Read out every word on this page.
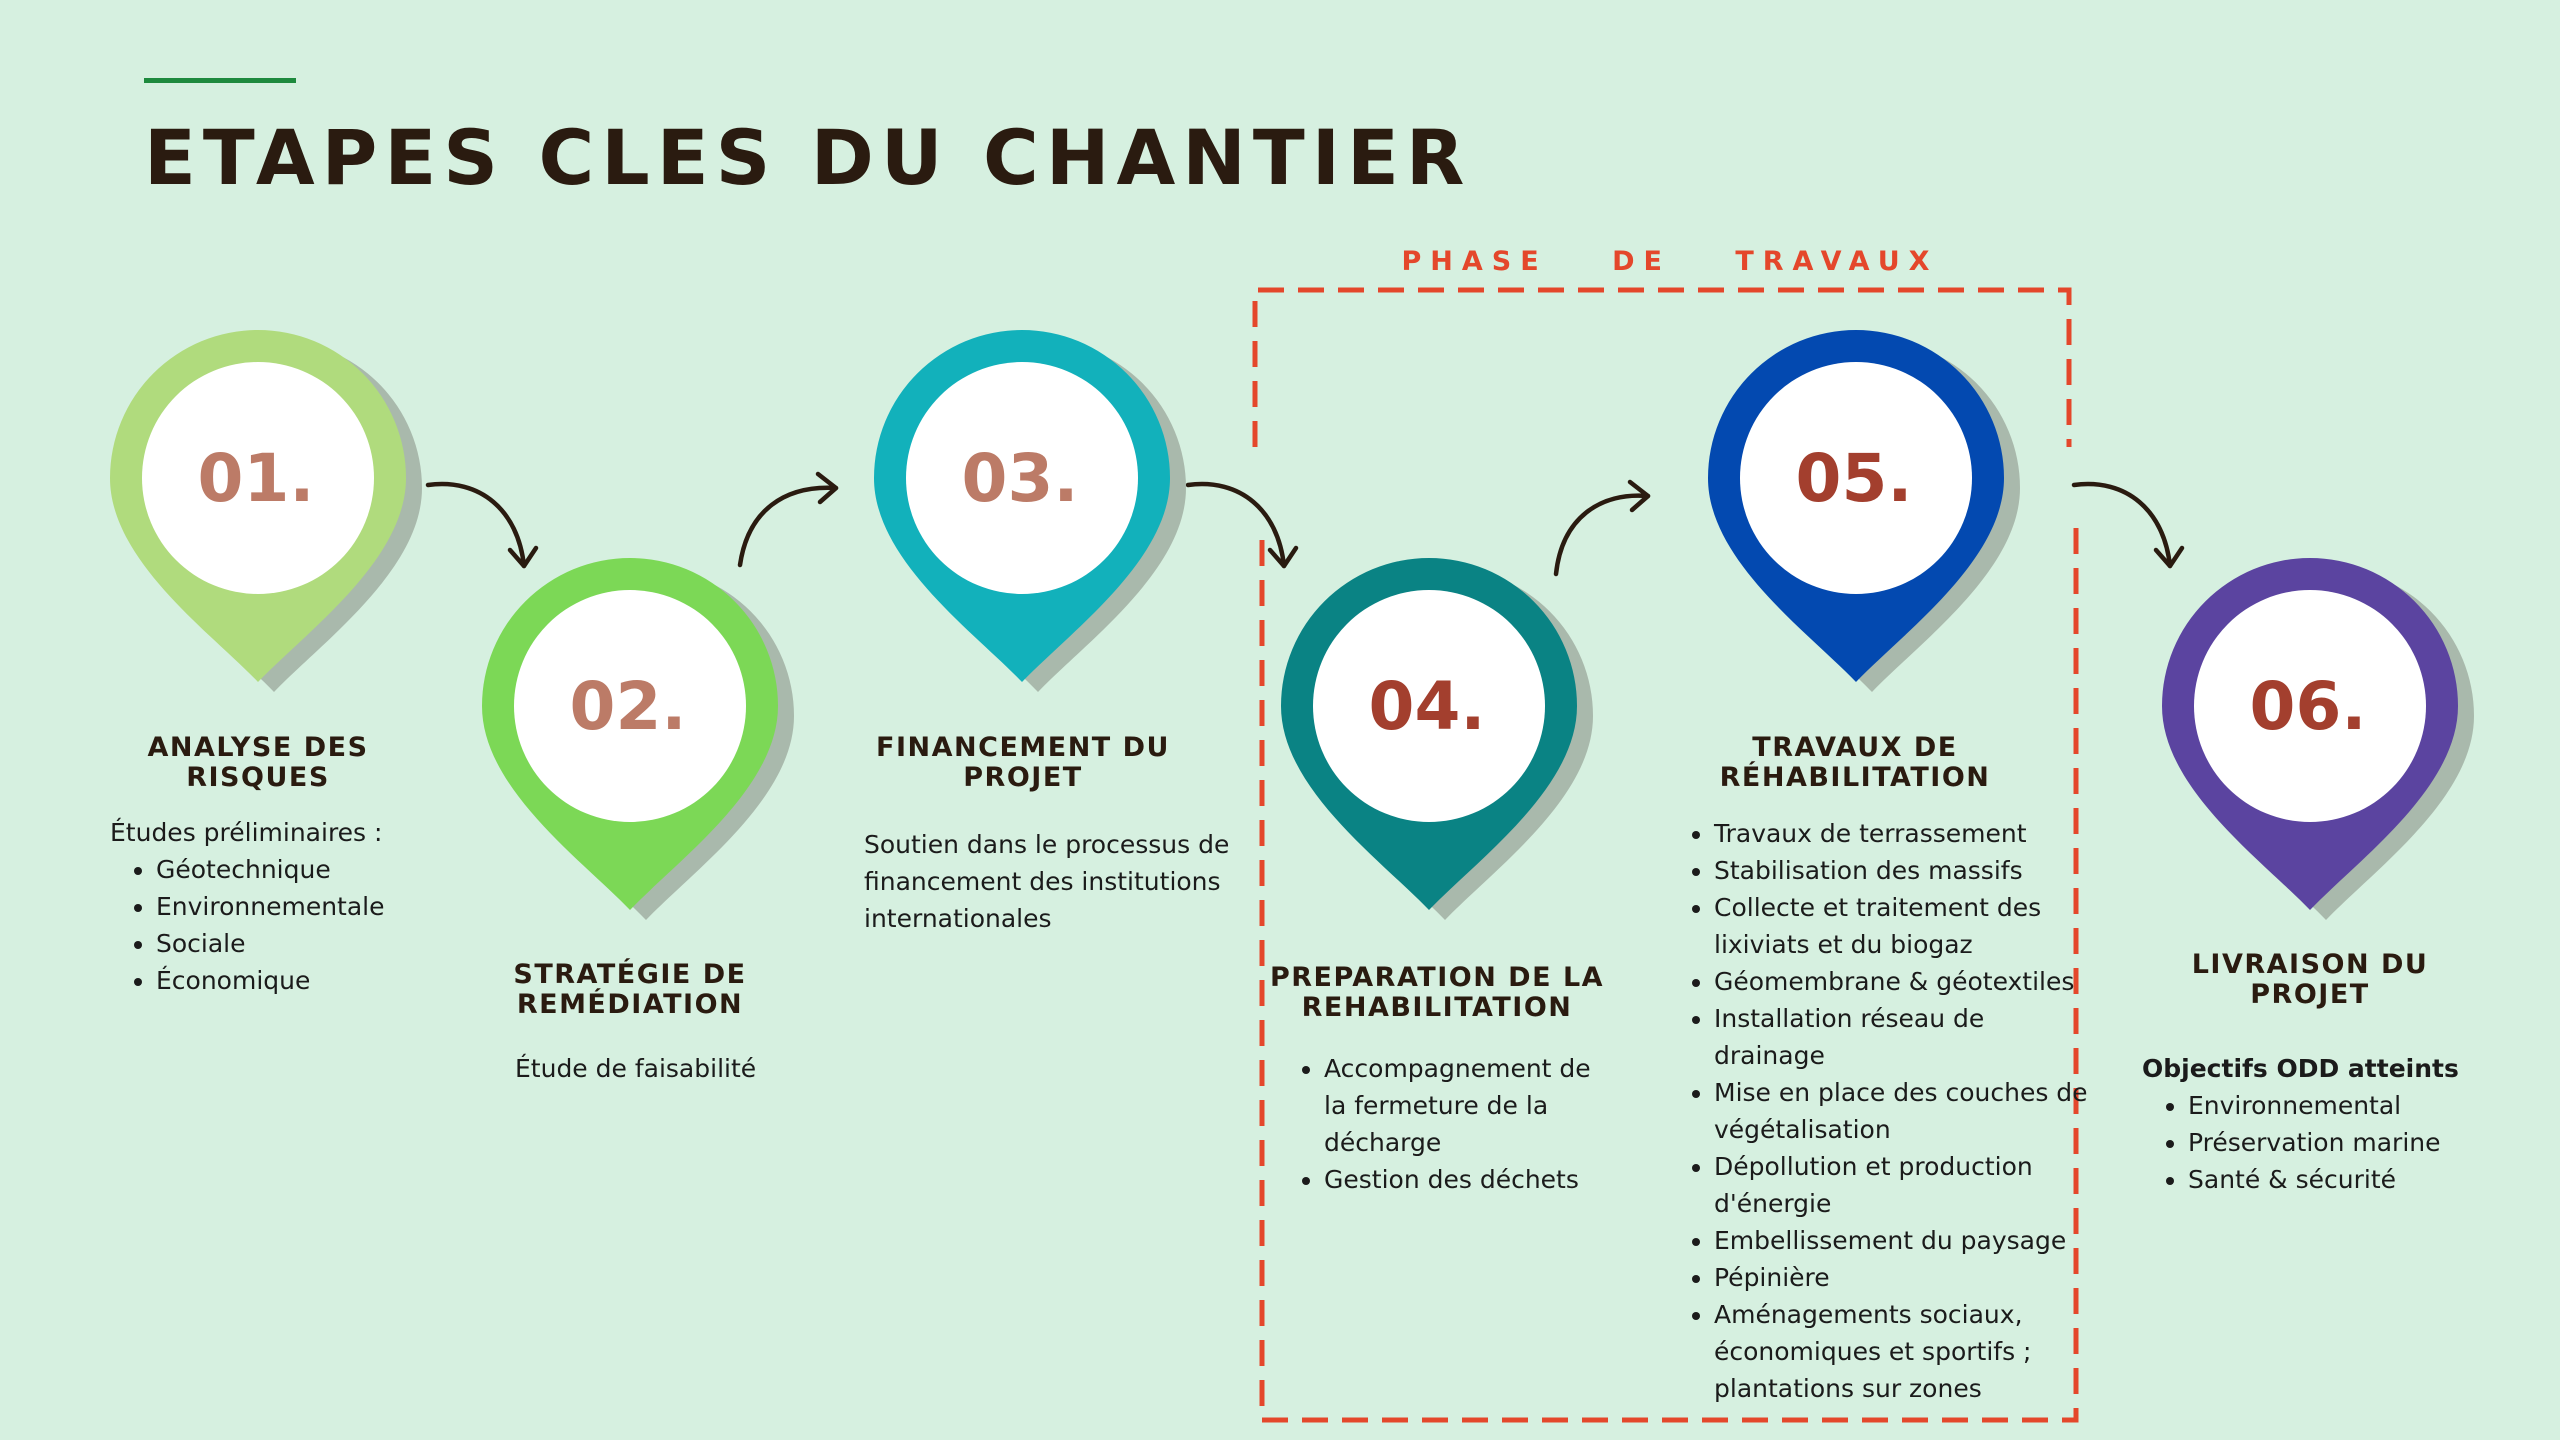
ETAPES CLES DU CHANTIER
PHASE DE TRAVAUX
01.
ANALYSE DES
RISQUES

Études préliminaires :

• Géotechnique
• Environnementale
• Sociale
• Économique
02.
STRATÉGIE DE
REMÉDIATION

Étude de faisabilité

03.
FINANCEMENT DU
PROJET

Soutien dans le processus de financement des institutions internationales

04.
PREPARATION DE LA
REHABILITATION
• Accompagnement de la fermeture de la décharge
• Gestion des déchets
05.
TRAVAUX DE
RÉHABILITATION
• Travaux de terrassement
• Stabilisation des massifs
• Collecte et traitement des lixiviats et du biogaz
• Géomembrane & géotextiles
• Installation réseau de drainage
• Mise en place des couches de végétalisation
• Dépollution et production d'énergie
• Embellissement du paysage
• Pépinière
• Aménagements sociaux, économiques et sportifs ; plantations sur zones
06.
LIVRAISON DU
PROJET

Objectifs ODD atteints

• Environnemental
• Préservation marine
• Santé & sécurité
